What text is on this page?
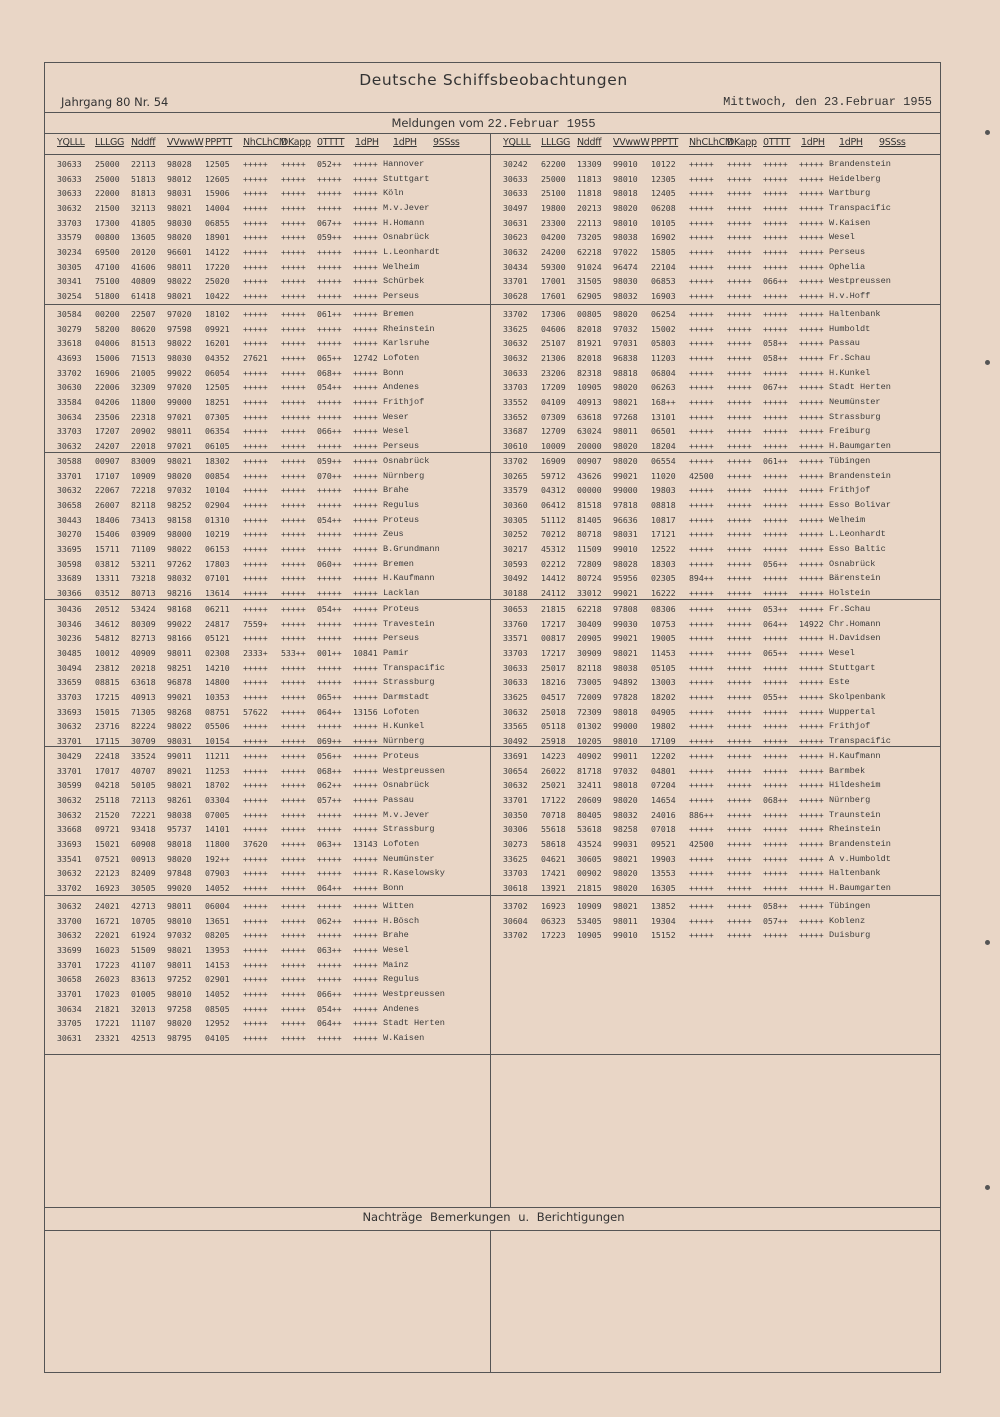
Deutsche Schiffsbeobachtungen
Jahrgang 80 Nr. 54	Mittwoch, den 23.Februar 1955
Meldungen vom 22.Februar 1955
YQLLL LLLGG Nddff VVwwW PPPTT NhCLhCM
DKapp 0TTTT 1dPH 1dPH 9SSss	YQLLL LLLGG Nddff VVwwW PPPTT NhCLhCM
DKapp 0TTTT 1dPH 1dPH 9SSss
30633 25000 22113 98028 12505 +++++ +++++ 052++ +++++ Hannover
30633 25000 51813 98012 12605 +++++ +++++ +++++ +++++ Stuttgart
30633 22000 81813 98031 15906 +++++ +++++ +++++ +++++ Köln
30632 21500 32113 98021 14004 +++++ +++++ +++++ +++++ M.v.Jever
33703 17300 41805 98030 06855 +++++ +++++ 067++ +++++ H.Homann
33579 00800 13605 98020 18901 +++++ +++++ 059++ +++++ Osnabrück
30234 69500 20120 96601 14122 +++++ +++++ +++++ +++++ L.Leonhardt
30305 47100 41606 98011 17220 +++++ +++++ +++++ +++++ Welheim
30341 75100 40809 98022 25020 +++++ +++++ +++++ +++++ Schürbek
30254 51800 61418 98021 10422 +++++ +++++ +++++ +++++ Perseus
30242 62200 13309 99010 10122 +++++ +++++ +++++ +++++ Brandenstein
30633 25000 11813 98010 12305 +++++ +++++ +++++ +++++ Heidelberg
30633 25100 11818 98018 12405 +++++ +++++ +++++ +++++ Wartburg
30497 19800 20213 98020 06208 +++++ +++++ +++++ +++++ Transpacific
30631 23300 22113 98010 10105 +++++ +++++ +++++ +++++ W.Kaisen
30623 04200 73205 98038 16902 +++++ +++++ +++++ +++++ Wesel
30632 24200 62218 97022 15805 +++++ +++++ +++++ +++++ Perseus
30434 59300 91024 96474 22104 +++++ +++++ +++++ +++++ Ophelia
33701 17001 31505 98030 06853 +++++ +++++ 066++ +++++ Westpreussen
30628 17601 62905 98032 16903 +++++ +++++ +++++ +++++ H.v.Hoff
30584 00200 22507 97020 18102 +++++ +++++ 061++ +++++ Bremen
30279 58200 80620 97598 09921 +++++ +++++ +++++ +++++ Rheinstein
33618 04006 81513 98022 16201 +++++ +++++ +++++ +++++ Karlsruhe
43693 15006 71513 98030 04352 27621 +++++ 065++ 12742 Lofoten
33702 16906 21005 99022 06054 +++++ +++++ 068++ +++++ Bonn
30630 22006 32309 97020 12505 +++++ +++++ 054++ +++++ Andenes
33584 04206 11800 99000 18251 +++++ +++++ +++++ +++++ Frithjof
30634 23506 22318 97021 07305 +++++ ++++++ +++++ +++++ Weser
33703 17207 20902 98011 06354 +++++ +++++ 066++ +++++ Wesel
30632 24207 22018 97021 06105 +++++ +++++ +++++ +++++ Perseus
33702 17306 00805 98020 06254 +++++ +++++ +++++ +++++ Haltenbank
33625 04606 82018 97032 15002 +++++ +++++ +++++ +++++ Humboldt
30632 25107 81921 97031 05803 +++++ +++++ 058++ +++++ Passau
30632 21306 82018 96838 11203 +++++ +++++ 058++ +++++ Fr.Schau
30633 23206 82318 98818 06804 +++++ +++++ +++++ +++++ H.Kunkel
33703 17209 10905 98020 06263 +++++ +++++ 067++ +++++ Stadt Herten
33552 04109 40913 98021 168++ +++++ +++++ +++++ +++++ Neumünster
33652 07309 63618 97268 13101 +++++ +++++ +++++ +++++ Strassburg
33687 12709 63024 98011 06501 +++++ +++++ +++++ +++++ Freiburg
30610 10009 20000 98020 18204 +++++ +++++ +++++ +++++ H.Baumgarten
30588 00907 83009 98021 18302 +++++ +++++ 059++ +++++ Osnabrück
33701 17107 10909 98020 00854 +++++ +++++ 070++ +++++ Nürnberg
30632 22067 72218 97032 10104 +++++ +++++ +++++ +++++ Brahe
30658 26007 82118 98252 02904 +++++ +++++ +++++ +++++ Regulus
30443 18406 73413 98158 01310 +++++ +++++ 054++ +++++ Proteus
30270 15406 03909 98000 10219 +++++ +++++ +++++ +++++ Zeus
33695 15711 71109 98022 06153 +++++ +++++ +++++ +++++ B.Grundmann
30598 03812 53211 97262 17803 +++++ +++++ 060++ +++++ Bremen
33689 13311 73218 98032 07101 +++++ +++++ +++++ +++++ H.Kaufmann
30366 03512 80713 98216 13614 +++++ +++++ +++++ +++++ Lacklan
33702 16909 00907 98020 06554 +++++ +++++ 061++ +++++ Tübingen
30265 59712 43626 99021 11020 42500 +++++ +++++ +++++ Brandenstein
33579 04312 00000 99000 19803 +++++ +++++ +++++ +++++ Frithjof
30360 06412 81518 97818 08818 +++++ +++++ +++++ +++++ Esso Bolivar
30305 51112 81405 96636 10817 +++++ +++++ +++++ +++++ Welheim
30252 70212 80718 98031 17121 +++++ +++++ +++++ +++++ L.Leonhardt
30217 45312 11509 99010 12522 +++++ +++++ +++++ +++++ Esso Baltic
30593 02212 72809 98028 18303 +++++ +++++ 056++ +++++ Osnabrück
30492 14412 80724 95956 02305 894++ +++++ +++++ +++++ Bärenstein
30188 24112 33012 99021 16222 +++++ +++++ +++++ +++++ Holstein
30436 20512 53424 98168 06211 +++++ +++++ 054++ +++++ Proteus
30346 34612 80309 99022 24817 7559+ +++++ +++++ +++++ Travestein
30236 54812 82713 98166 05121 +++++ +++++ +++++ +++++ Perseus
30485 10012 40909 98011 02308 2333+ 533++ 001++ 10841 Pamir
30494 23812 20218 98251 14210 +++++ +++++ +++++ +++++ Transpacific
33659 08815 63618 96878 14800 +++++ +++++ +++++ +++++ Strassburg
33703 17215 40913 99021 10353 +++++ +++++ 065++ +++++ Darmstadt
33693 15015 71305 98268 08751 57622 +++++ 064++ 13156 Lofoten
30632 23716 82224 98022 05506 +++++ +++++ +++++ +++++ H.Kunkel
33701 17115 30709 98031 10154 +++++ +++++ 069++ +++++ Nürnberg
30653 21815 62218 97808 08306 +++++ +++++ 053++ +++++ Fr.Schau
33760 17217 30409 99030 10753 +++++ +++++ 064++ 14922 Chr.Homann
33571 00817 20905 99021 19005 +++++ +++++ +++++ +++++ H.Davidsen
33703 17217 30909 98021 11453 +++++ +++++ 065++ +++++ Wesel
30633 25017 82118 98038 05105 +++++ +++++ +++++ +++++ Stuttgart
30633 18216 73005 94892 13003 +++++ +++++ +++++ +++++ Este
33625 04517 72009 97828 18202 +++++ +++++ 055++ +++++ Skolpenbank
30632 25018 72309 98018 04905 +++++ +++++ +++++ +++++ Wuppertal
33565 05118 01302 99000 19802 +++++ +++++ +++++ +++++ Frithjof
30492 25918 10205 98010 17109 +++++ +++++ +++++ +++++ Transpacific
30429 22418 33524 99011 11211 +++++ +++++ 056++ +++++ Proteus
33701 17017 40707 89021 11253 +++++ +++++ 068++ +++++ Westpreussen
30599 04218 50105 98021 18702 +++++ +++++ 062++ +++++ Osnabrück
30632 25118 72113 98261 03304 +++++ +++++ 057++ +++++ Passau
30632 21520 72221 98038 07005 +++++ +++++ +++++ +++++ M.v.Jever
33668 09721 93418 95737 14101 +++++ +++++ +++++ +++++ Strassburg
33693 15021 60908 98018 11800 37620 +++++ 063++ 13143 Lofoten
33541 07521 00913 98020 192++ +++++ +++++ +++++ +++++ Neumünster
30632 22123 82409 97848 07903 +++++ +++++ +++++ +++++ R.Kaselowsky
33702 16923 30505 99020 14052 +++++ +++++ 064++ +++++ Bonn
33691 14223 40902 99011 12202 +++++ +++++ +++++ +++++ H.Kaufmann
30654 26022 81718 97032 04801 +++++ +++++ +++++ +++++ Barmbek
30632 25021 32411 98018 07204 +++++ +++++ +++++ +++++ Hildesheim
33701 17122 20609 98020 14654 +++++ +++++ 068++ +++++ Nürnberg
30350 70718 80405 98032 24016 886++ +++++ +++++ +++++ Traunstein
30306 55618 53618 98258 07018 +++++ +++++ +++++ +++++ Rheinstein
30273 58618 43524 99031 09521 42500 +++++ +++++ +++++ Brandenstein
33625 04621 30605 98021 19903 +++++ +++++ +++++ +++++ A v.Humboldt
33703 17421 00902 98020 13553 +++++ +++++ +++++ +++++ Haltenbank
30618 13921 21815 98020 16305 +++++ +++++ +++++ +++++ H.Baumgarten
30632 24021 42713 98011 06004 +++++ +++++ +++++ +++++ Witten
33700 16721 10705 98010 13651 +++++ +++++ 062++ +++++ H.Bösch
30632 22021 61924 97032 08205 +++++ +++++ +++++ +++++ Brahe
33699 16023 51509 98021 13953 +++++ +++++ 063++ +++++ Wesel
33701 17223 41107 98011 14153 +++++ +++++ +++++ +++++ Mainz
30658 26023 83613 97252 02901 +++++ +++++ +++++ +++++ Regulus
33701 17023 01005 98010 14052 +++++ +++++ 066++ +++++ Westpreussen
30634 21821 32013 97258 08505 +++++ +++++ 054++ +++++ Andenes
33705 17221 11107 98020 12952 +++++ +++++ 064++ +++++ Stadt Herten
30631 23321 42513 98795 04105 +++++ +++++ +++++ +++++ W.Kaisen
33702 16923 10909 98021 13852 +++++ +++++ 058++ +++++ Tübingen
30604 06323 53405 98011 19304 +++++ +++++ 057++ +++++ Koblenz
33702 17223 10905 99010 15152 +++++ +++++ +++++ +++++ Duisburg
Nachträge Bemerkungen u. Berichtigungen
